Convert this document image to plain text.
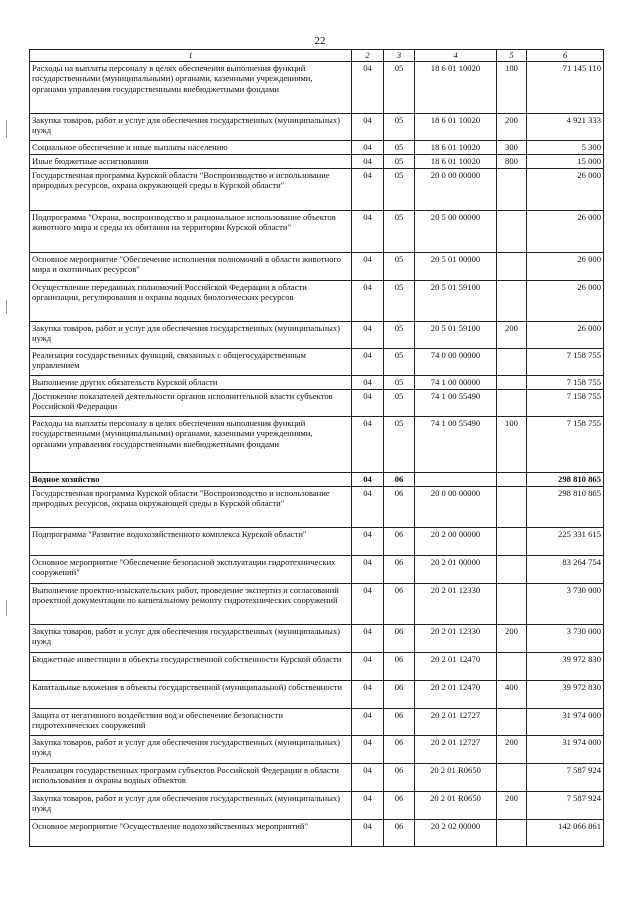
22
1	2	3	4	5	6
Расходы на выплаты персоналу в целях обеспечения выполнения функций государственными (муниципальными) органами, казенными учреждениями, органами управления государственными внебюджетными фондами	04	05	18 6 01 10020	100	71 145 110
Закупка товаров, работ и услуг для обеспечения государственных (муниципальных) нужд	04	05	18 6 01 10020	200	4 921 333
Социальное обеспечение и иные выплаты населению	04	05	18 6 01 10020	300	5 300
Иные бюджетные ассигнования	04	05	18 6 01 10020	800	15 000
Государственная программа Курской области "Воспроизводство и использование природных ресурсов, охрана окружающей среды в Курской области"	04	05	20 0 00 00000		26 000
Подпрограмма "Охрана, воспроизводство и рациональное использование объектов животного мира и среды их обитания на территории Курской области"	04	05	20 5 00 00000		26 000
Основное мероприятие "Обеспечение исполнения полномочий в области животного мира и охотничьих ресурсов"	04	05	20 5 01 00000		26 000
Осуществление переданных полномочий Российской Федерации в области организации, регулирования и охраны водных биологических ресурсов	04	05	20 5 01 59100		26 000
Закупка товаров, работ и услуг для обеспечения государственных (муниципальных) нужд	04	05	20 5 01 59100	200	26 000
Реализация государственных функций, связанных с общегосударственным управлением	04	05	74 0 00 00000		7 158 755
Выполнение других обязательств Курской области	04	05	74 1 00 00000		7 158 755
Достижение показателей деятельности органов исполнительной власти субъектов Российской Федерации	04	05	74 1 00 55490		7 158 755
Расходы на выплаты персоналу в целях обеспечения выполнения функций государственными (муниципальными) органами, казенными учреждениями, органами управления государственными внебюджетными фондами	04	05	74 1 00 55490	100	7 158 755
Водное хозяйство	04	06			298 810 865
Государственная программа Курской области "Воспроизводство и использование природных ресурсов, охрана окружающей среды в Курской области"	04	06	20 0 00 00000		298 810 865
Подпрограмма "Развитие водохозяйственного комплекса Курской области"	04	06	20 2 00 00000		225 331 615
Основное мероприятие "Обеспечение безопасной эксплуатации гидротехнических сооружений"	04	06	20 2 01 00000		83 264 754
Выполнение проектно-изыскательских работ, проведение экспертиз и согласований проектной документации по капитальному ремонту гидротехнических сооружений	04	06	20 2 01 12330		3 730 000
Закупка товаров, работ и услуг для обеспечения государственных (муниципальных) нужд	04	06	20 2 01 12330	200	3 730 000
Бюджетные инвестиции в объекты государственной собственности Курской области	04	06	20 2 01 12470		39 972 830
Капитальные вложения в объекты государственной (муниципальной) собственности	04	06	20 2 01 12470	400	39 972 830
Защита от негативного воздействия вод и обеспечение безопасности гидротехнических сооружений	04	06	20 2 01 12727		31 974 000
Закупка товаров, работ и услуг для обеспечения государственных (муниципальных) нужд	04	06	20 2 01 12727	200	31 974 000
Реализация государственных программ субъектов Российской Федерации в области использования и охраны водных объектов	04	06	20 2 01 R0650		7 587 924
Закупка товаров, работ и услуг для обеспечения государственных (муниципальных) нужд	04	06	20 2 01 R0650	200	7 587 924
Основное мероприятие "Осуществление водохозяйственных мероприятий"	04	06	20 2 02 00000		142 066 861
